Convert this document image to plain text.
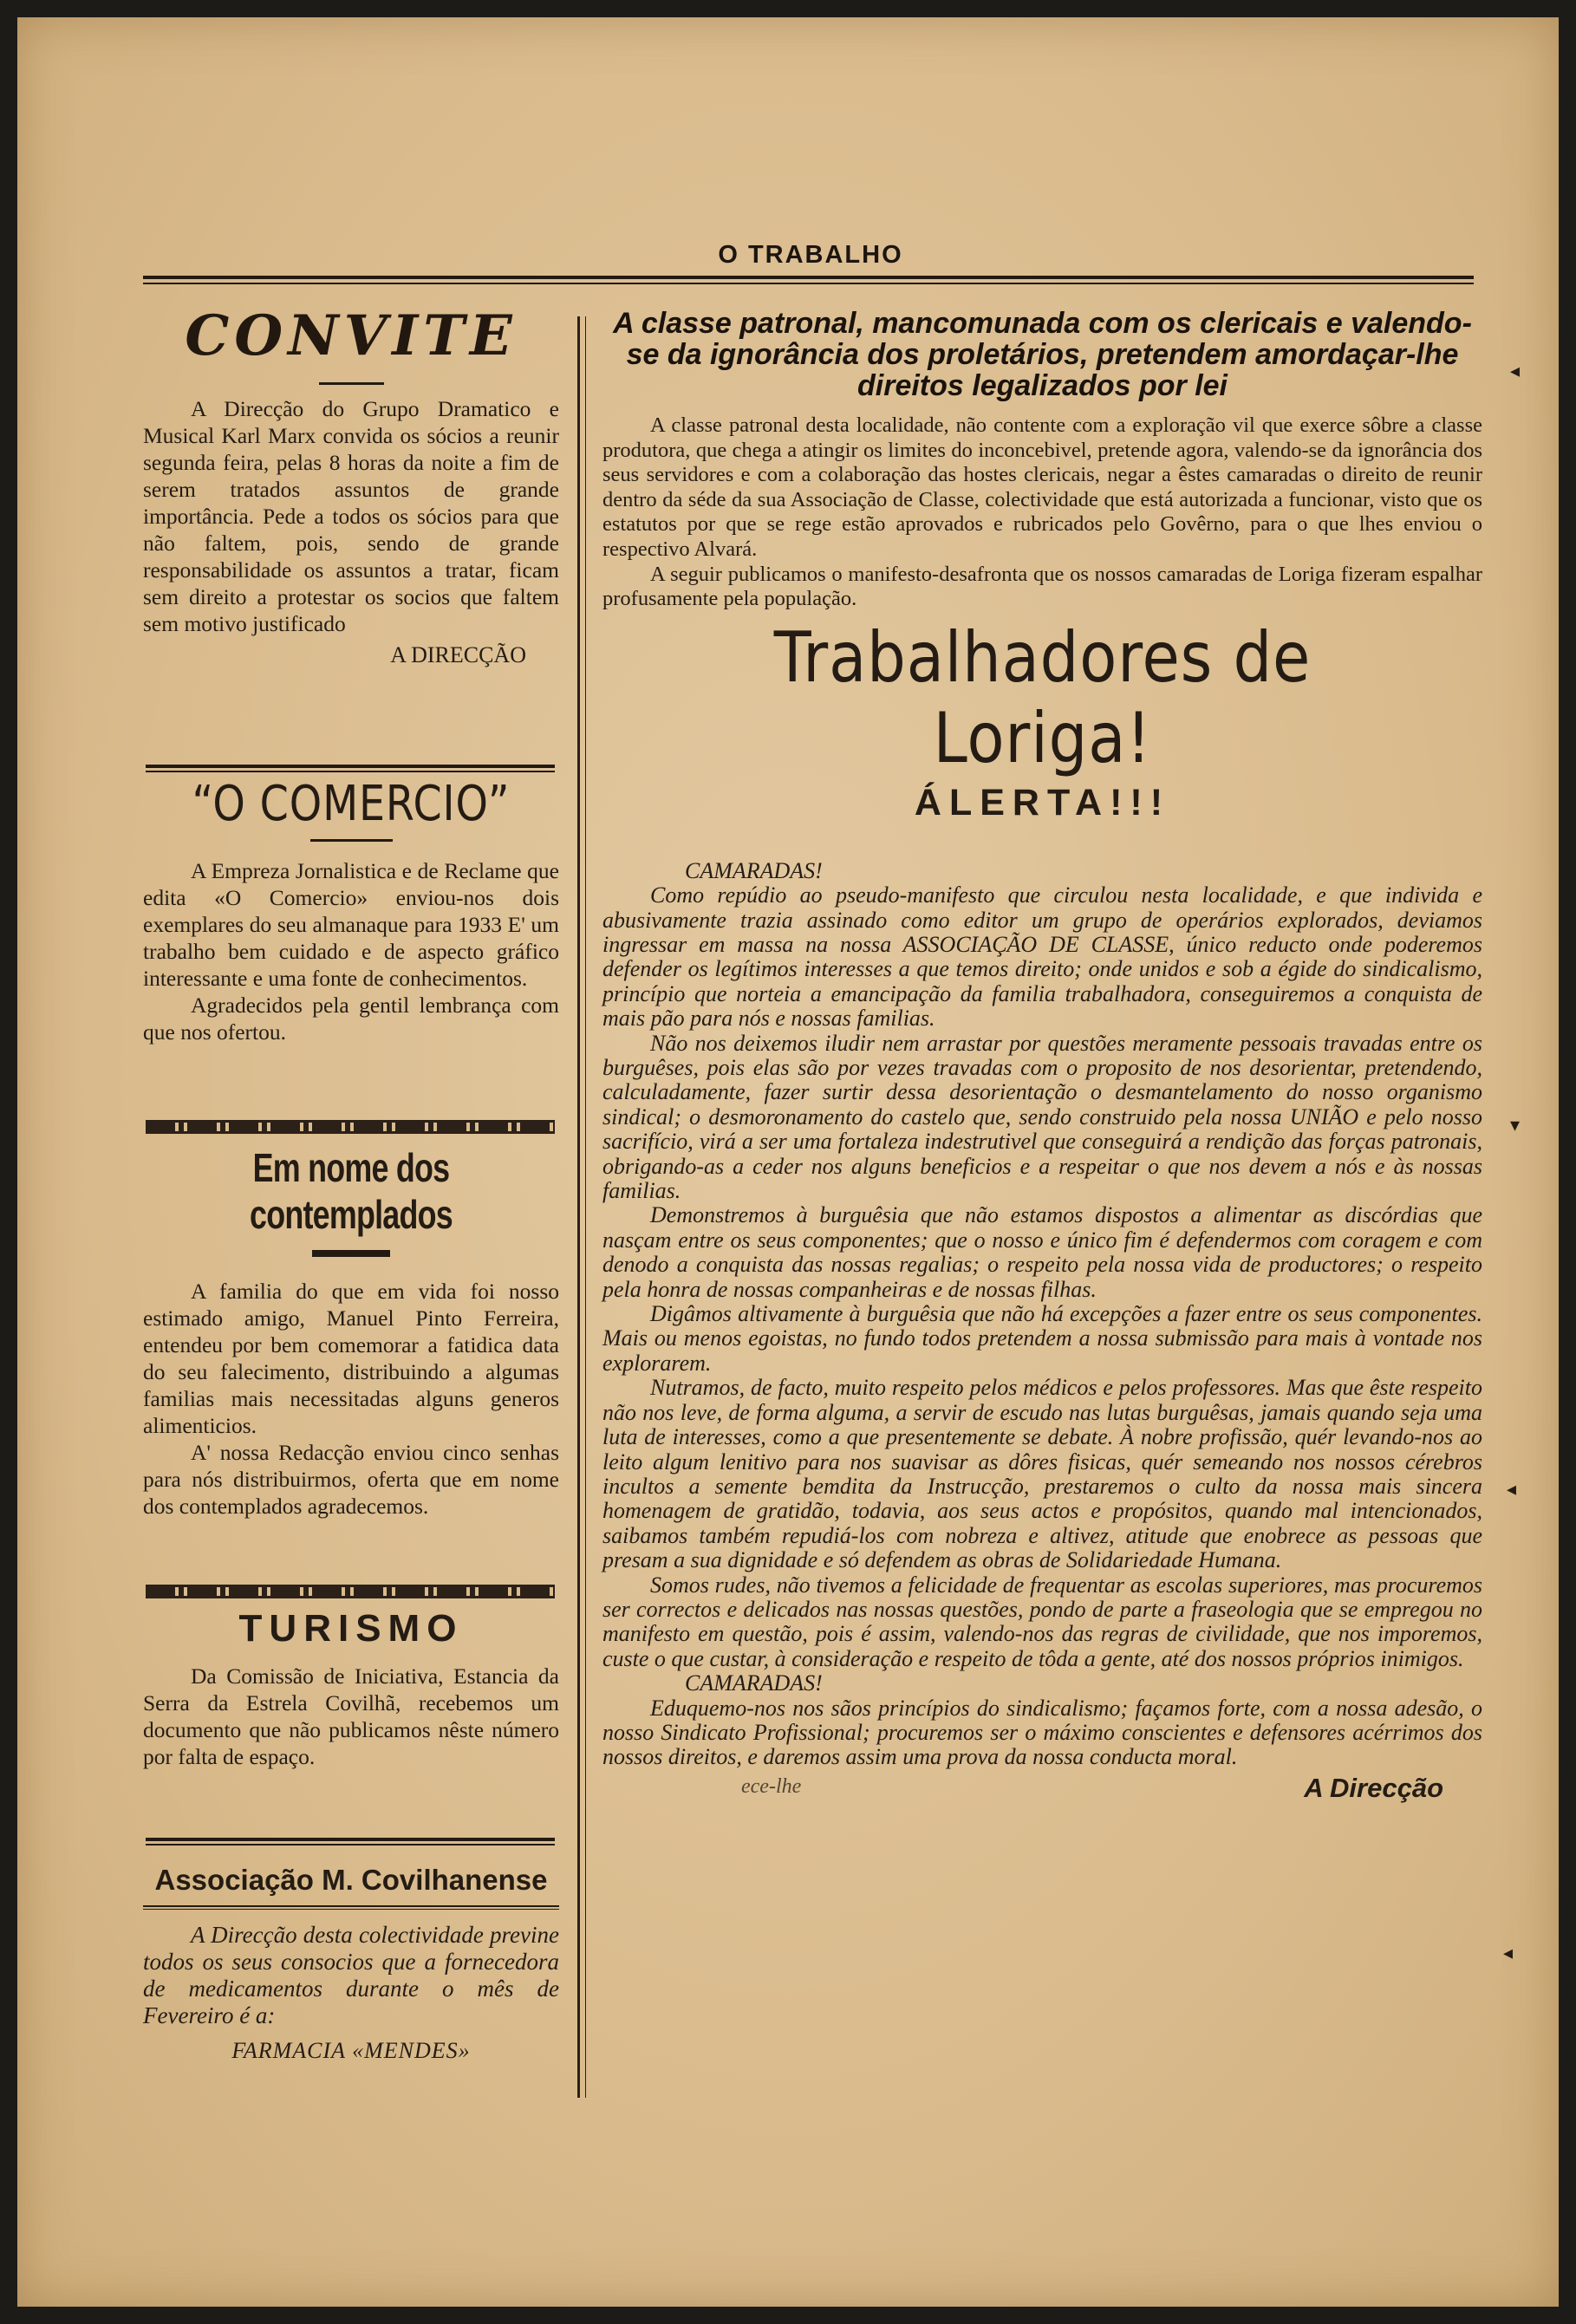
O TRABALHO
CONVITE

A Direcção do Grupo Dramatico e Musical Karl Marx convida os sócios a reunir segunda feira, pelas 8 horas da noite a fim de serem tratados assuntos de grande importância. Pede a todos os sócios para que não faltem, pois, sendo de grande responsabilidade os assuntos a tratar, ficam sem direito a protestar os socios que faltem sem motivo justificado

A DIRECÇÃO
“O COMERCIO”

A Empreza Jornalistica e de Reclame que edita «O Comercio» enviou-nos dois exemplares do seu almanaque para 1933 E' um trabalho bem cuidado e de aspecto gráfico interessante e uma fonte de conhecimentos.

Agradecidos pela gentil lembrança com que nos ofertou.

Em nome dos contemplados

A familia do que em vida foi nosso estimado amigo, Manuel Pinto Ferreira, entendeu por bem comemorar a fatidica data do seu falecimento, distribuindo a algumas familias mais necessitadas alguns generos alimenticios.

A' nossa Redacção enviou cinco senhas para nós distribuirmos, oferta que em nome dos contemplados agradecemos.

TURISMO

Da Comissão de Iniciativa, Estancia da Serra da Estrela Covilhã, recebemos um documento que não publicamos nêste número por falta de espaço.

Associação M. Covilhanense

A Direcção desta colectividade previne todos os seus consocios que a fornecedora de medicamentos durante o mês de Fevereiro é a:

FARMACIA «MENDES»
A classe patronal, mancomunada com os clericais e valendo-se da ignorância dos proletários, pretendem amordaçar-lhe direitos legalizados por lei

A classe patronal desta localidade, não contente com a exploração vil que exerce sôbre a classe produtora, que chega a atingir os limites do inconcebivel, pretende agora, valendo-se da ignorância dos seus servidores e com a colaboração das hostes clericais, negar a êstes camaradas o direito de reunir dentro da séde da sua Associação de Classe, colectividade que está autorizada a funcionar, visto que os estatutos por que se rege estão aprovados e rubricados pelo Govêrno, para o que lhes enviou o respectivo Alvará.

A seguir publicamos o manifesto-desafronta que os nossos camaradas de Loriga fizeram espalhar profusamente pela população.

Trabalhadores de Loriga!
ÁLERTA!!!
CAMARADAS!

Como repúdio ao pseudo-manifesto que circulou nesta localidade, e que individa e abusivamente trazia assinado como editor um grupo de operários explorados, deviamos ingressar em massa na nossa ASSOCIAÇÃO DE CLASSE, único reducto onde poderemos defender os legítimos interesses a que temos direito; onde unidos e sob a égide do sindicalismo, princípio que norteia a emancipação da familia trabalhadora, conseguiremos a conquista de mais pão para nós e nossas familias.

Não nos deixemos iludir nem arrastar por questões meramente pessoais travadas entre os burguêses, pois elas são por vezes travadas com o proposito de nos desorientar, pretendendo, calculadamente, fazer surtir dessa desorientação o desmantelamento do nosso organismo sindical; o desmoronamento do castelo que, sendo construido pela nossa UNIÃO e pelo nosso sacrifício, virá a ser uma fortaleza indestrutivel que conseguirá a rendição das forças patronais, obrigando-as a ceder nos alguns beneficios e a respeitar o que nos devem a nós e às nossas familias.

Demonstremos à burguêsia que não estamos dispostos a alimentar as discórdias que nasçam entre os seus componentes; que o nosso e único fim é defendermos com coragem e com denodo a conquista das nossas regalias; o respeito pela nossa vida de productores; o respeito pela honra de nossas companheiras e de nossas filhas.

Digâmos altivamente à burguêsia que não há excepções a fazer entre os seus componentes. Mais ou menos egoistas, no fundo todos pretendem a nossa submissão para mais à vontade nos explorarem.

Nutramos, de facto, muito respeito pelos médicos e pelos professores. Mas que êste respeito não nos leve, de forma alguma, a servir de escudo nas lutas burguêsas, jamais quando seja uma luta de interesses, como a que presentemente se debate. À nobre profissão, quér levando-nos ao leito algum lenitivo para nos suavisar as dôres fisicas, quér semeando nos nossos cérebros incultos a semente bemdita da Instrucção, prestaremos o culto da nossa mais sincera homenagem de gratidão, todavia, aos seus actos e propósitos, quando mal intencionados, saibamos também repudiá-los com nobreza e altivez, atitude que enobrece as pessoas que presam a sua dignidade e só defendem as obras de Solidariedade Humana.

Somos rudes, não tivemos a felicidade de frequentar as escolas superiores, mas procuremos ser correctos e delicados nas nossas questões, pondo de parte a fraseologia que se empregou no manifesto em questão, pois é assim, valendo-nos das regras de civilidade, que nos imporemos, custe o que custar, à consideração e respeito de tôda a gente, até dos nossos próprios inimigos.

CAMARADAS!

Eduquemo-nos nos sãos princípios do sindicalismo; façamos forte, com a nossa adesão, o nosso Sindicato Profissional; procuremos ser o máximo conscientes e defensores acérrimos dos nossos direitos, e daremos assim uma prova da nossa conducta moral.

ece-lhe	A Direcção
◂
▾
◂
◂
